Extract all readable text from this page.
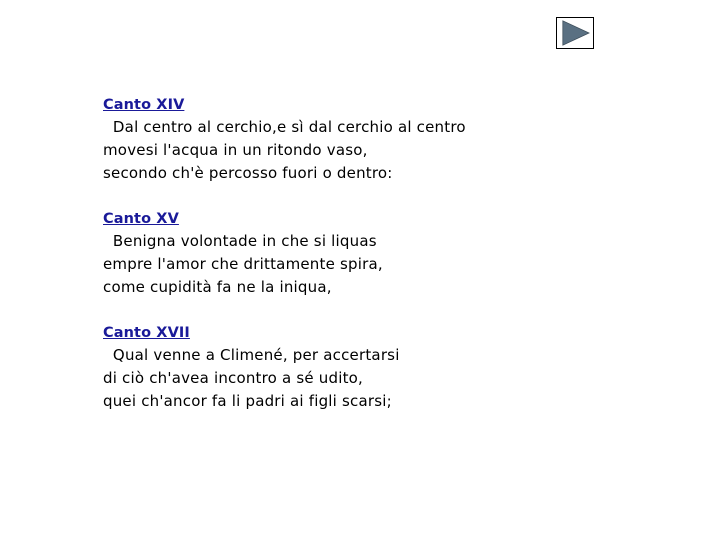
Canto XIV
Dal centro al cerchio,e sì dal cerchio al centro
movesi l'acqua in un ritondo vaso,
secondo ch'è percosso fuori o dentro:
Canto XV
Benigna volontade in che si liquas
empre l'amor che drittamente spira,
come cupidità fa ne la iniqua,
Canto XVII
Qual venne a Climené, per accertarsi
di ciò ch'avea incontro a sé udito,
quei ch'ancor fa li padri ai figli scarsi;
